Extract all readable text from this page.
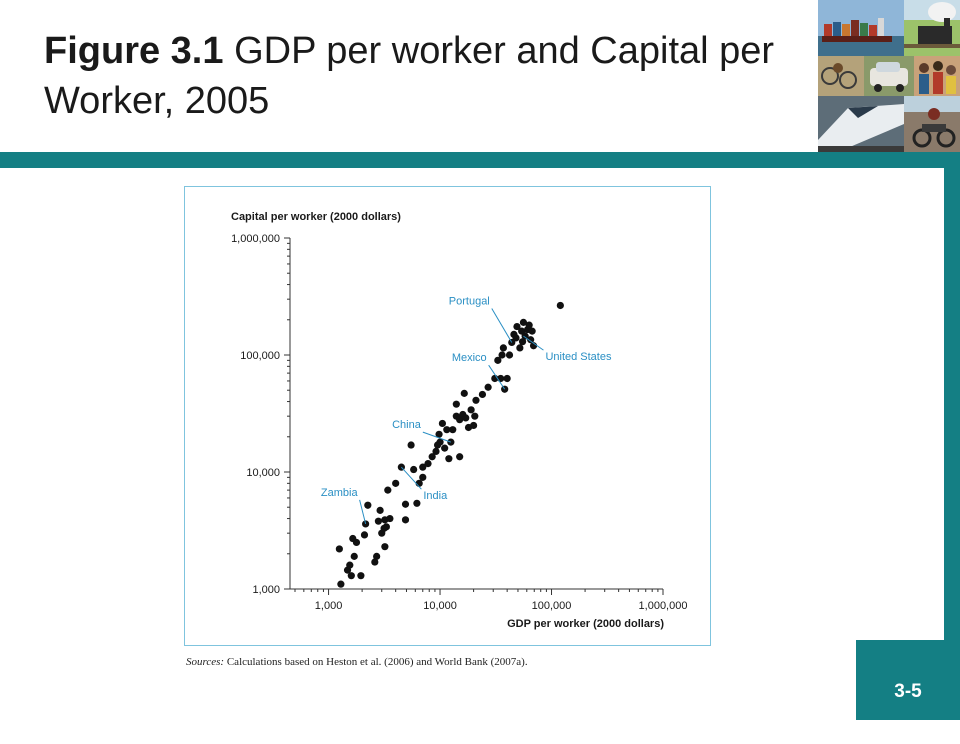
Figure 3.1 GDP per worker and Capital per Worker, 2005
Capital per worker (2000 dollars)
GDP per worker (2000 dollars)
1,000
10,000
100,000
1,000,000
1,000	10,000	100,000	1,000,000
Portugal
Mexico	United States
China
Zambia	India
Sources: Calculations based on Heston et al. (2006) and World Bank (2007a).
3-5
